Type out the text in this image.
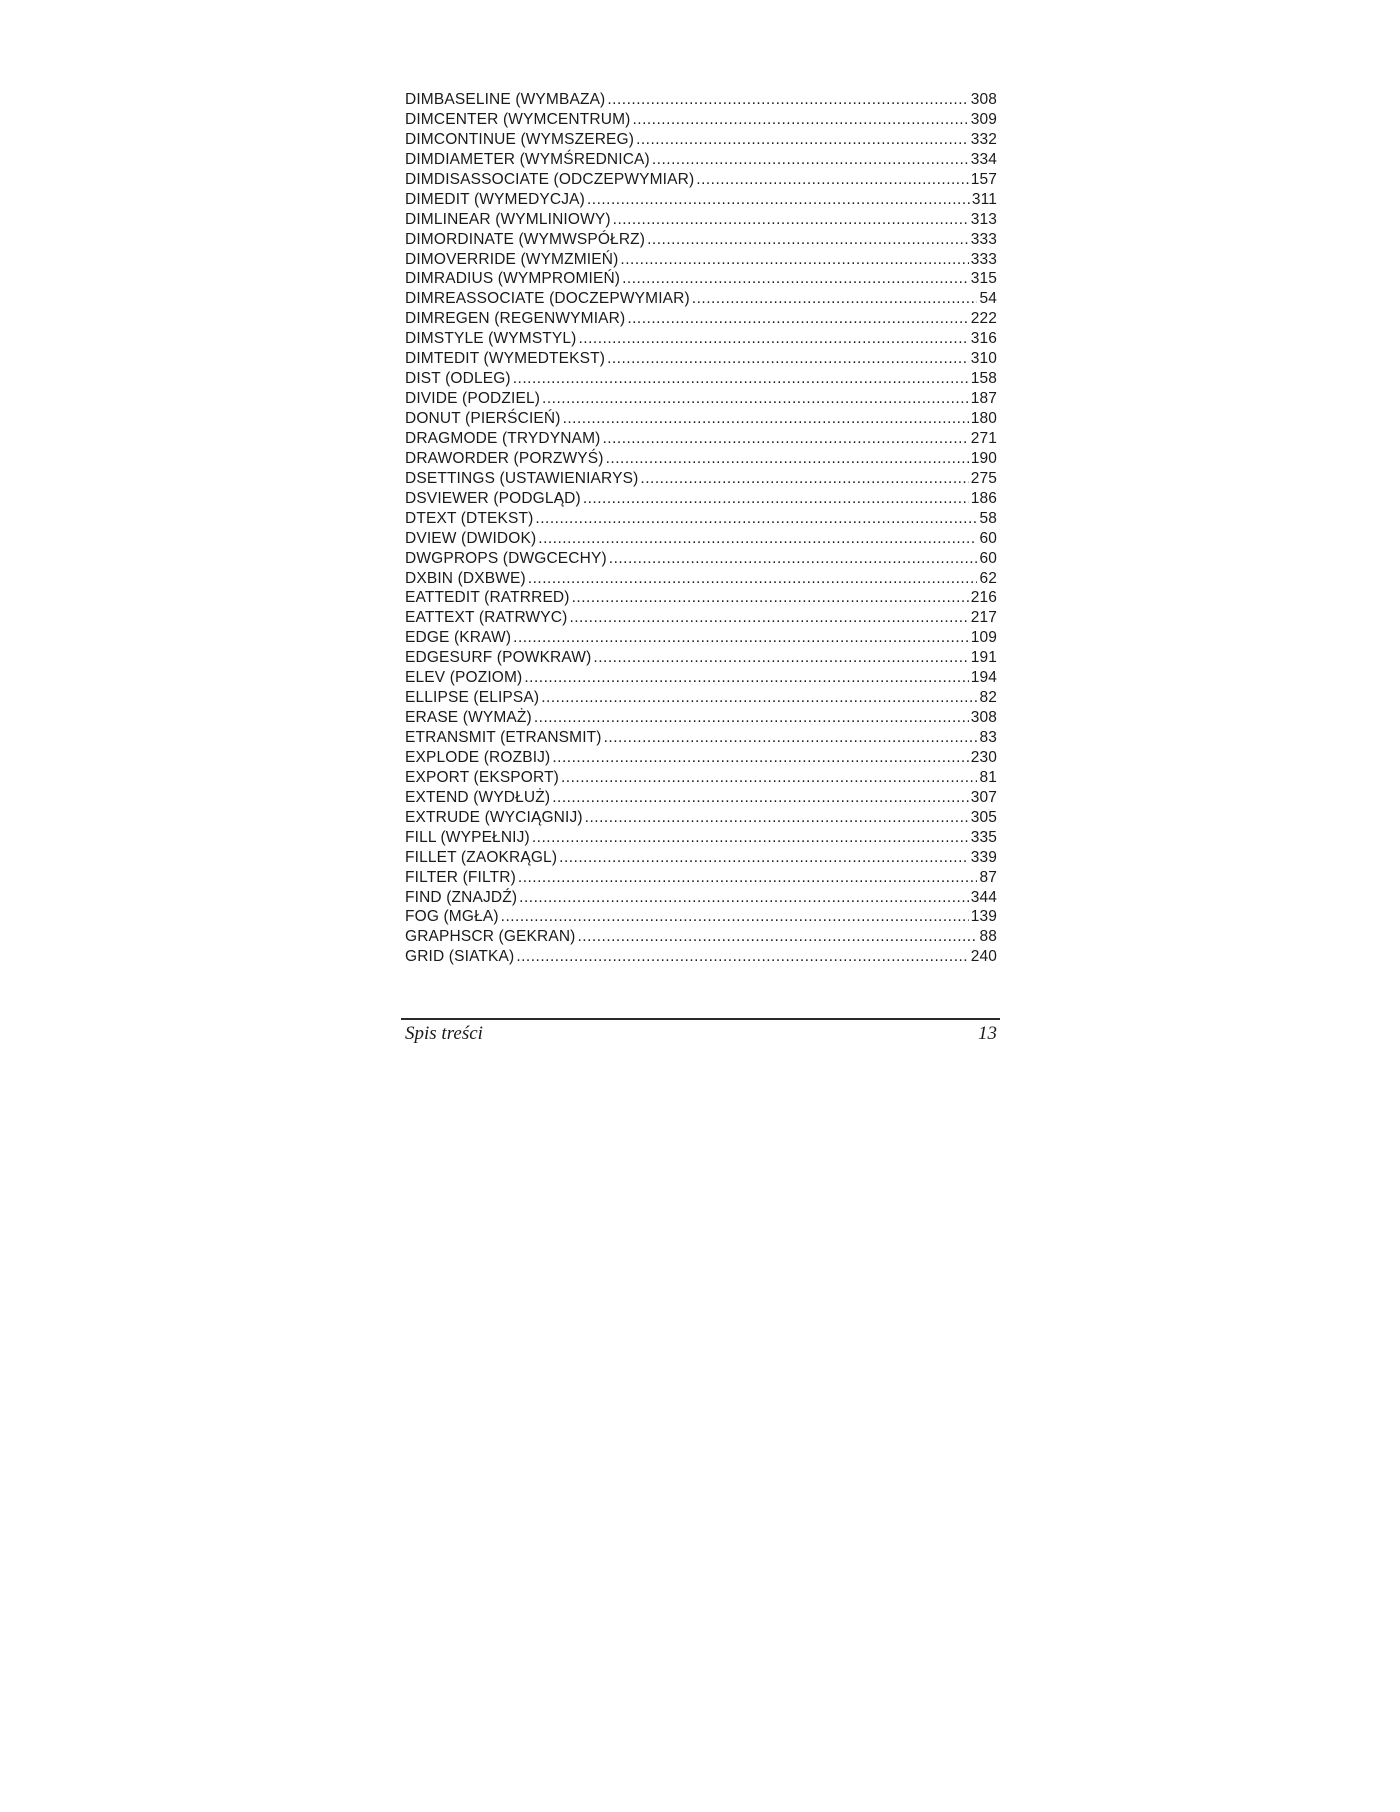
DIMBASELINE (WYMBAZA) .....	308
DIMCENTER (WYMCENTRUM) .....	309
DIMCONTINUE (WYMSZEREG) .....	332
DIMDIAMETER (WYMŚREDNICA) .....	334
DIMDISASSOCIATE (ODCZEPWYMIAR) .....	157
DIMEDIT (WYMEDYCJA) .....	311
DIMLINEAR (WYMLINIOWY) .....	313
DIMORDINATE (WYMWSPÓŁRZ) .....	333
DIMOVERRIDE (WYMZMIEŃ) .....	333
DIMRADIUS (WYMPROMIEŃ) .....	315
DIMREASSOCIATE (DOCZEPWYMIAR) .....	54
DIMREGEN (REGENWYMIAR) .....	222
DIMSTYLE (WYMSTYL) .....	316
DIMTEDIT (WYMEDTEKST) .....	310
DIST (ODLEG) .....	158
DIVIDE (PODZIEL) .....	187
DONUT (PIERŚCIEŃ) .....	180
DRAGMODE (TRYDYNAM) .....	271
DRAWORDER (PORZWYŚ) .....	190
DSETTINGS (USTAWIENIARYS) .....	275
DSVIEWER (PODGLĄD) .....	186
DTEXT (DTEKST) .....	58
DVIEW (DWIDOK) .....	60
DWGPROPS (DWGCECHY) .....	60
DXBIN (DXBWE) .....	62
EATTEDIT (RATRRED) .....	216
EATTEXT (RATRWYC) .....	217
EDGE (KRAW) .....	109
EDGESURF (POWKRAW) .....	191
ELEV (POZIOM) .....	194
ELLIPSE (ELIPSA) .....	82
ERASE (WYMAŻ) .....	308
ETRANSMIT (ETRANSMIT) .....	83
EXPLODE (ROZBIJ) .....	230
EXPORT (EKSPORT) .....	81
EXTEND (WYDŁUŻ) .....	307
EXTRUDE (WYCIĄGNIJ) .....	305
FILL (WYPEŁNIJ) .....	335
FILLET (ZAOKRĄGL) .....	339
FILTER (FILTR) .....	87
FIND (ZNAJDŹ) .....	344
FOG (MGŁA) .....	139
GRAPHSCR (GEKRAN) .....	88
GRID (SIATKA) .....	240
Spis treści	13
